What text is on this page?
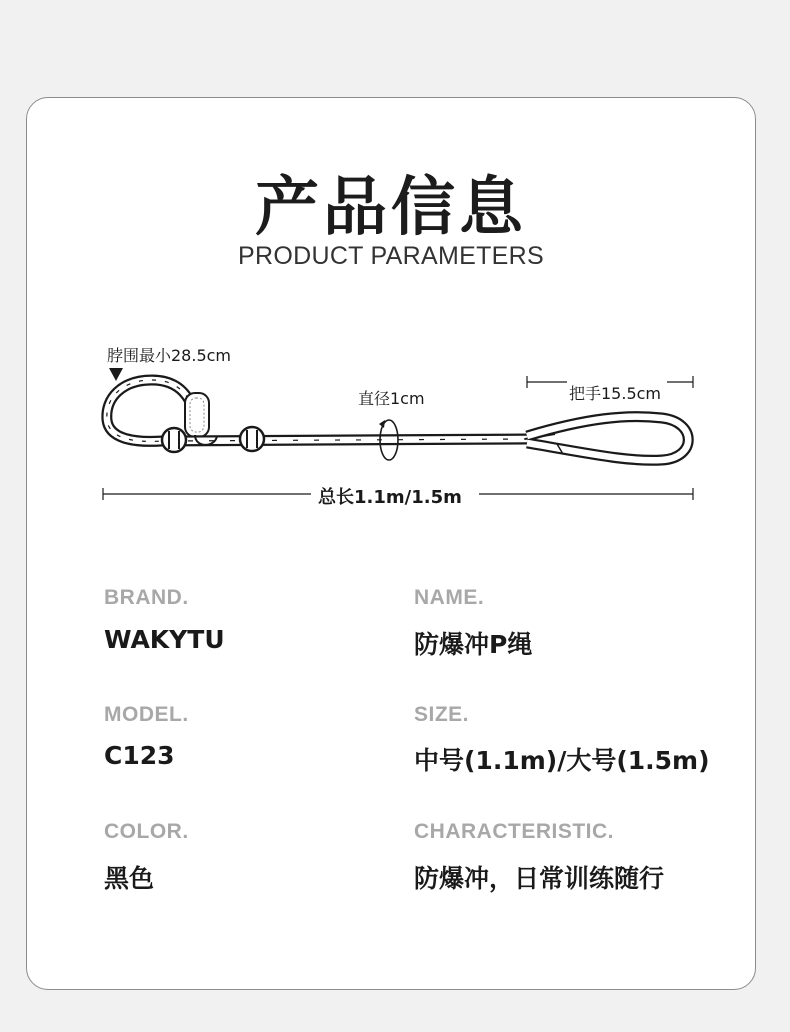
产品信息
PRODUCT PARAMETERS
脖围最小28.5cm
直径1cm	把手15.5cm
总长1.1m/1.5m
BRAND.
WAKYTU
NAME.
防爆冲P绳
MODEL.
C123
SIZE.
中号(1.1m)/大号(1.5m)
COLOR.
黑色
CHARACTERISTIC.
防爆冲，日常训练随行
